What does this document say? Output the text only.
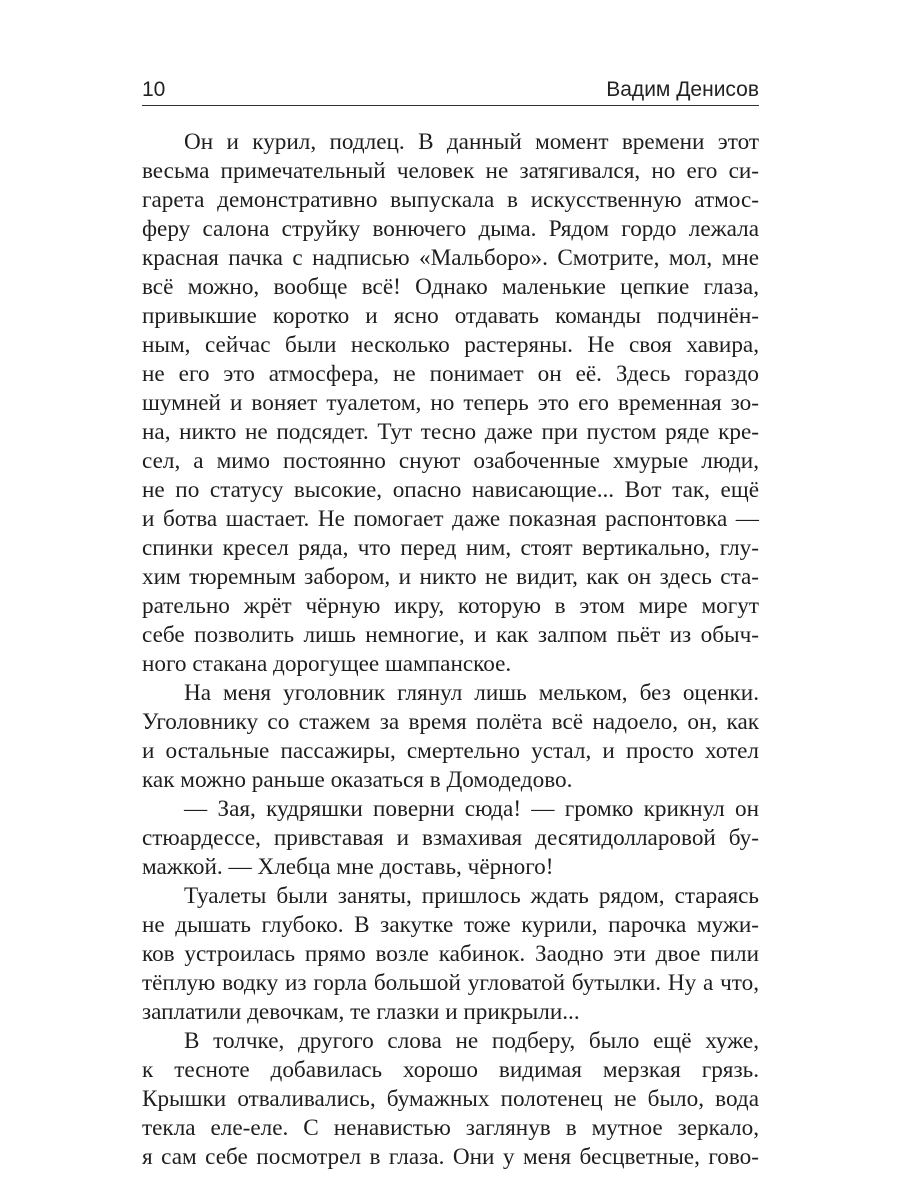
10	Вадим Денисов
Он и курил, подлец. В данный момент времени этот
весьма примечательный человек не затягивался, но его си-
гарета демонстративно выпускала в искусственную атмос-
феру салона струйку вонючего дыма. Рядом гордо лежала
красная пачка с надписью «Мальборо». Смотрите, мол, мне
всё можно, вообще всё! Однако маленькие цепкие глаза,
привыкшие коротко и ясно отдавать команды подчинён-
ным, сейчас были несколько растеряны. Не своя хавира,
не его это атмосфера, не понимает он её. Здесь гораздо
шумней и воняет туалетом, но теперь это его временная зо-
на, никто не подсядет. Тут тесно даже при пустом ряде кре-
сел, а мимо постоянно снуют озабоченные хмурые люди,
не по статусу высокие, опасно нависающие... Вот так, ещё
и ботва шастает. Не помогает даже показная распонтовка —
спинки кресел ряда, что перед ним, стоят вертикально, глу-
хим тюремным забором, и никто не видит, как он здесь ста-
рательно жрёт чёрную икру, которую в этом мире могут
себе позволить лишь немногие, и как залпом пьёт из обыч-
ного стакана дорогущее шампанское.
На меня уголовник глянул лишь мельком, без оценки.
Уголовнику со стажем за время полёта всё надоело, он, как
и остальные пассажиры, смертельно устал, и просто хотел
как можно раньше оказаться в Домодедово.
— Зая, кудряшки поверни сюда! — громко крикнул он
стюардессе, привставая и взмахивая десятидолларовой бу-
мажкой. — Хлебца мне доставь, чёрного!
Туалеты были заняты, пришлось ждать рядом, стараясь
не дышать глубоко. В закутке тоже курили, парочка мужи-
ков устроилась прямо возле кабинок. Заодно эти двое пили
тёплую водку из горла большой угловатой бутылки. Ну а что,
заплатили девочкам, те глазки и прикрыли...
В толчке, другого слова не подберу, было ещё хуже,
к тесноте добавилась хорошо видимая мерзкая грязь.
Крышки отваливались, бумажных полотенец не было, вода
текла еле-еле. С ненавистью заглянув в мутное зеркало,
я сам себе посмотрел в глаза. Они у меня бесцветные, гово-
